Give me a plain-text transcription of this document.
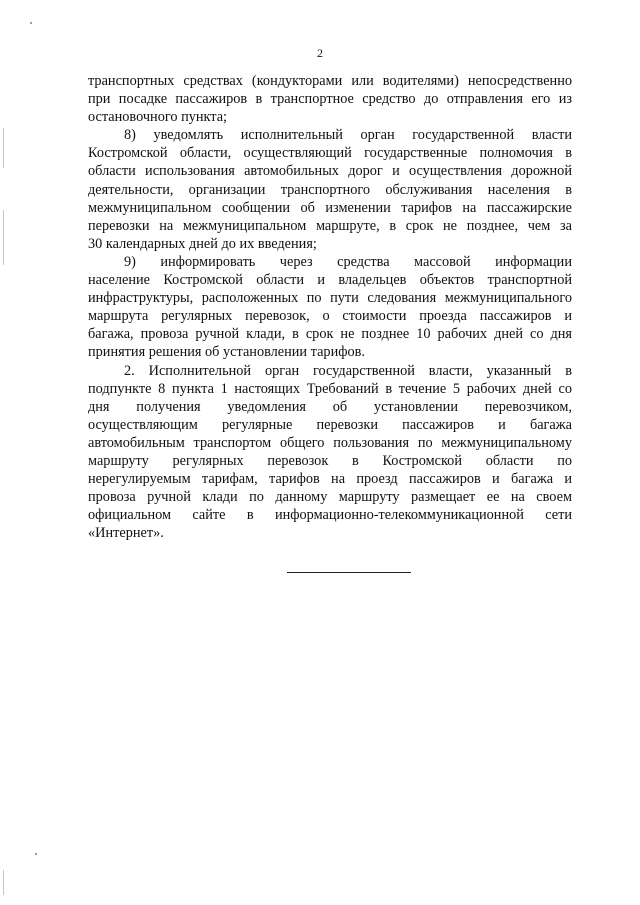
2

транспортных средствах (кондукторами или водителями) непосредственно
при посадке пассажиров в транспортное средство до отправления его из
остановочного пункта;

8) уведомлять исполнительный орган государственной власти
Костромской области, осуществляющий государственные полномочия в
области использования автомобильных дорог и осуществления дорожной
деятельности, организации транспортного обслуживания населения в
межмуниципальном сообщении об изменении тарифов на пассажирские
перевозки на межмуниципальном маршруте, в срок не позднее, чем за
30 календарных дней до их введения;

9) информировать через средства массовой информации
население Костромской области и владельцев объектов транспортной
инфраструктуры, расположенных по пути следования межмуниципального
маршрута регулярных перевозок, о стоимости проезда пассажиров и
багажа, провоза ручной клади, в срок не позднее 10 рабочих дней со дня
принятия решения об установлении тарифов.

2. Исполнительной орган государственной власти, указанный в
подпункте 8 пункта 1 настоящих Требований в течение 5 рабочих дней со
дня получения уведомления об установлении перевозчиком,
осуществляющим регулярные перевозки пассажиров и багажа
автомобильным транспортом общего пользования по межмуниципальному
маршруту регулярных перевозок в Костромской области по
нерегулируемым тарифам, тарифов на проезд пассажиров и багажа и
провоза ручной клади по данному маршруту размещает ее на своем
официальном сайте в информационно-телекоммуникационной сети
«Интернет».
